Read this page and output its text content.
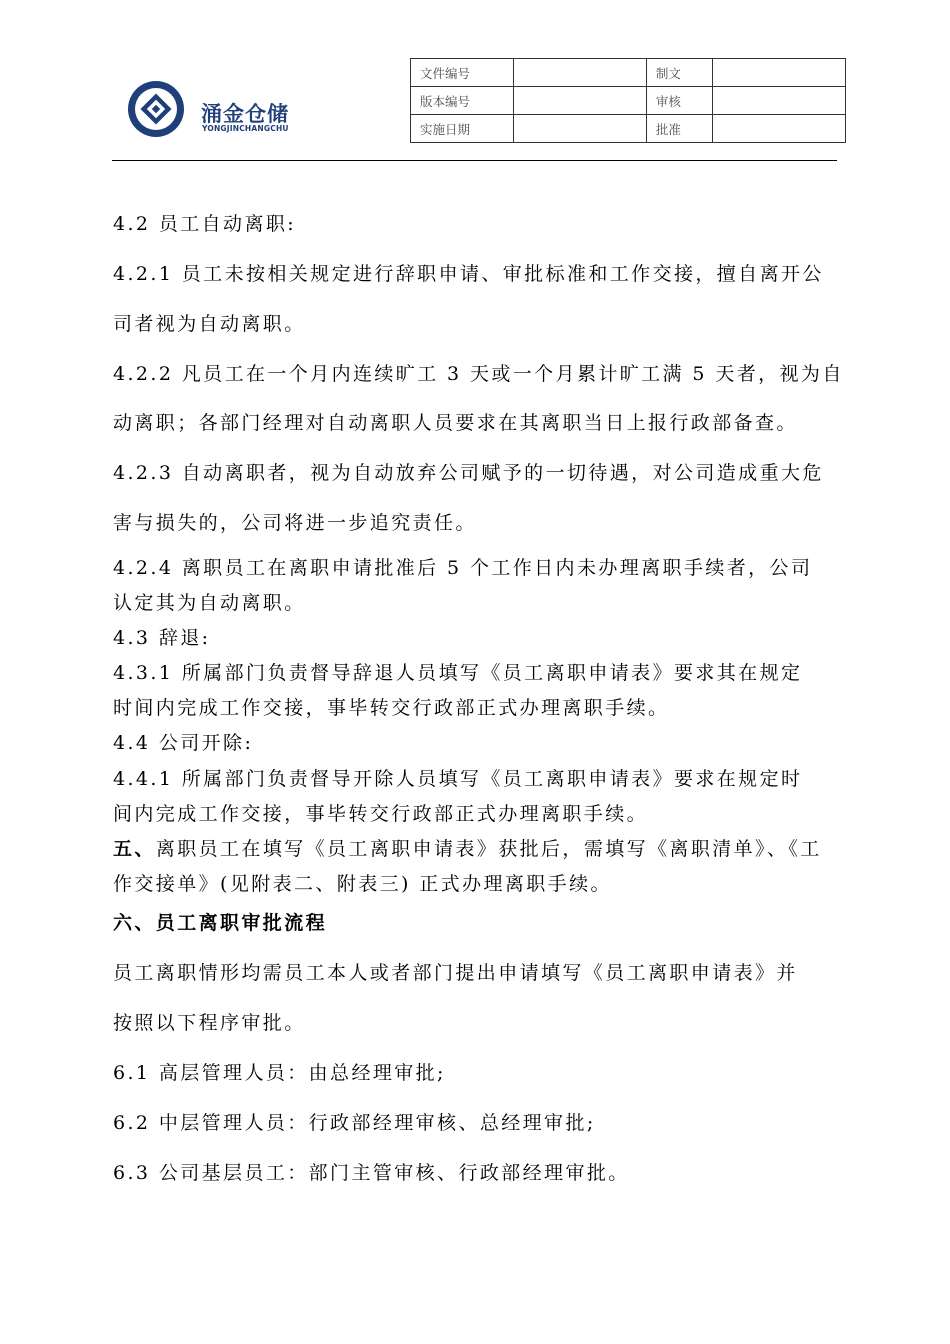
涌金仓储
YONGJINCHANGCHU
文件编号		制文	
版本编号		审核	
实施日期		批准	
4.2 员工自动离职:
4.2.1 员工未按相关规定进行辞职申请、审批标准和工作交接，擅自离开公
司者视为自动离职。
4.2.2 凡员工在一个月内连续旷工 3 天或一个月累计旷工满 5 天者，视为自
动离职；各部门经理对自动离职人员要求在其离职当日上报行政部备查。
4.2.3 自动离职者，视为自动放弃公司赋予的一切待遇，对公司造成重大危
害与损失的，公司将进一步追究责任。
4.2.4 离职员工在离职申请批准后 5 个工作日内未办理离职手续者，公司
认定其为自动离职。
4.3 辞退:
4.3.1 所属部门负责督导辞退人员填写《员工离职申请表》要求其在规定
时间内完成工作交接，事毕转交行政部正式办理离职手续。
4.4 公司开除:
4.4.1 所属部门负责督导开除人员填写《员工离职申请表》要求在规定时
间内完成工作交接，事毕转交行政部正式办理离职手续。
五、离职员工在填写《员工离职申请表》获批后，需填写《离职清单》、《工
作交接单》(见附表二、附表三) 正式办理离职手续。
六、员工离职审批流程
员工离职情形均需员工本人或者部门提出申请填写《员工离职申请表》并
按照以下程序审批。
6.1 高层管理人员：由总经理审批;
6.2 中层管理人员：行政部经理审核、总经理审批;
6.3 公司基层员工：部门主管审核、行政部经理审批。
